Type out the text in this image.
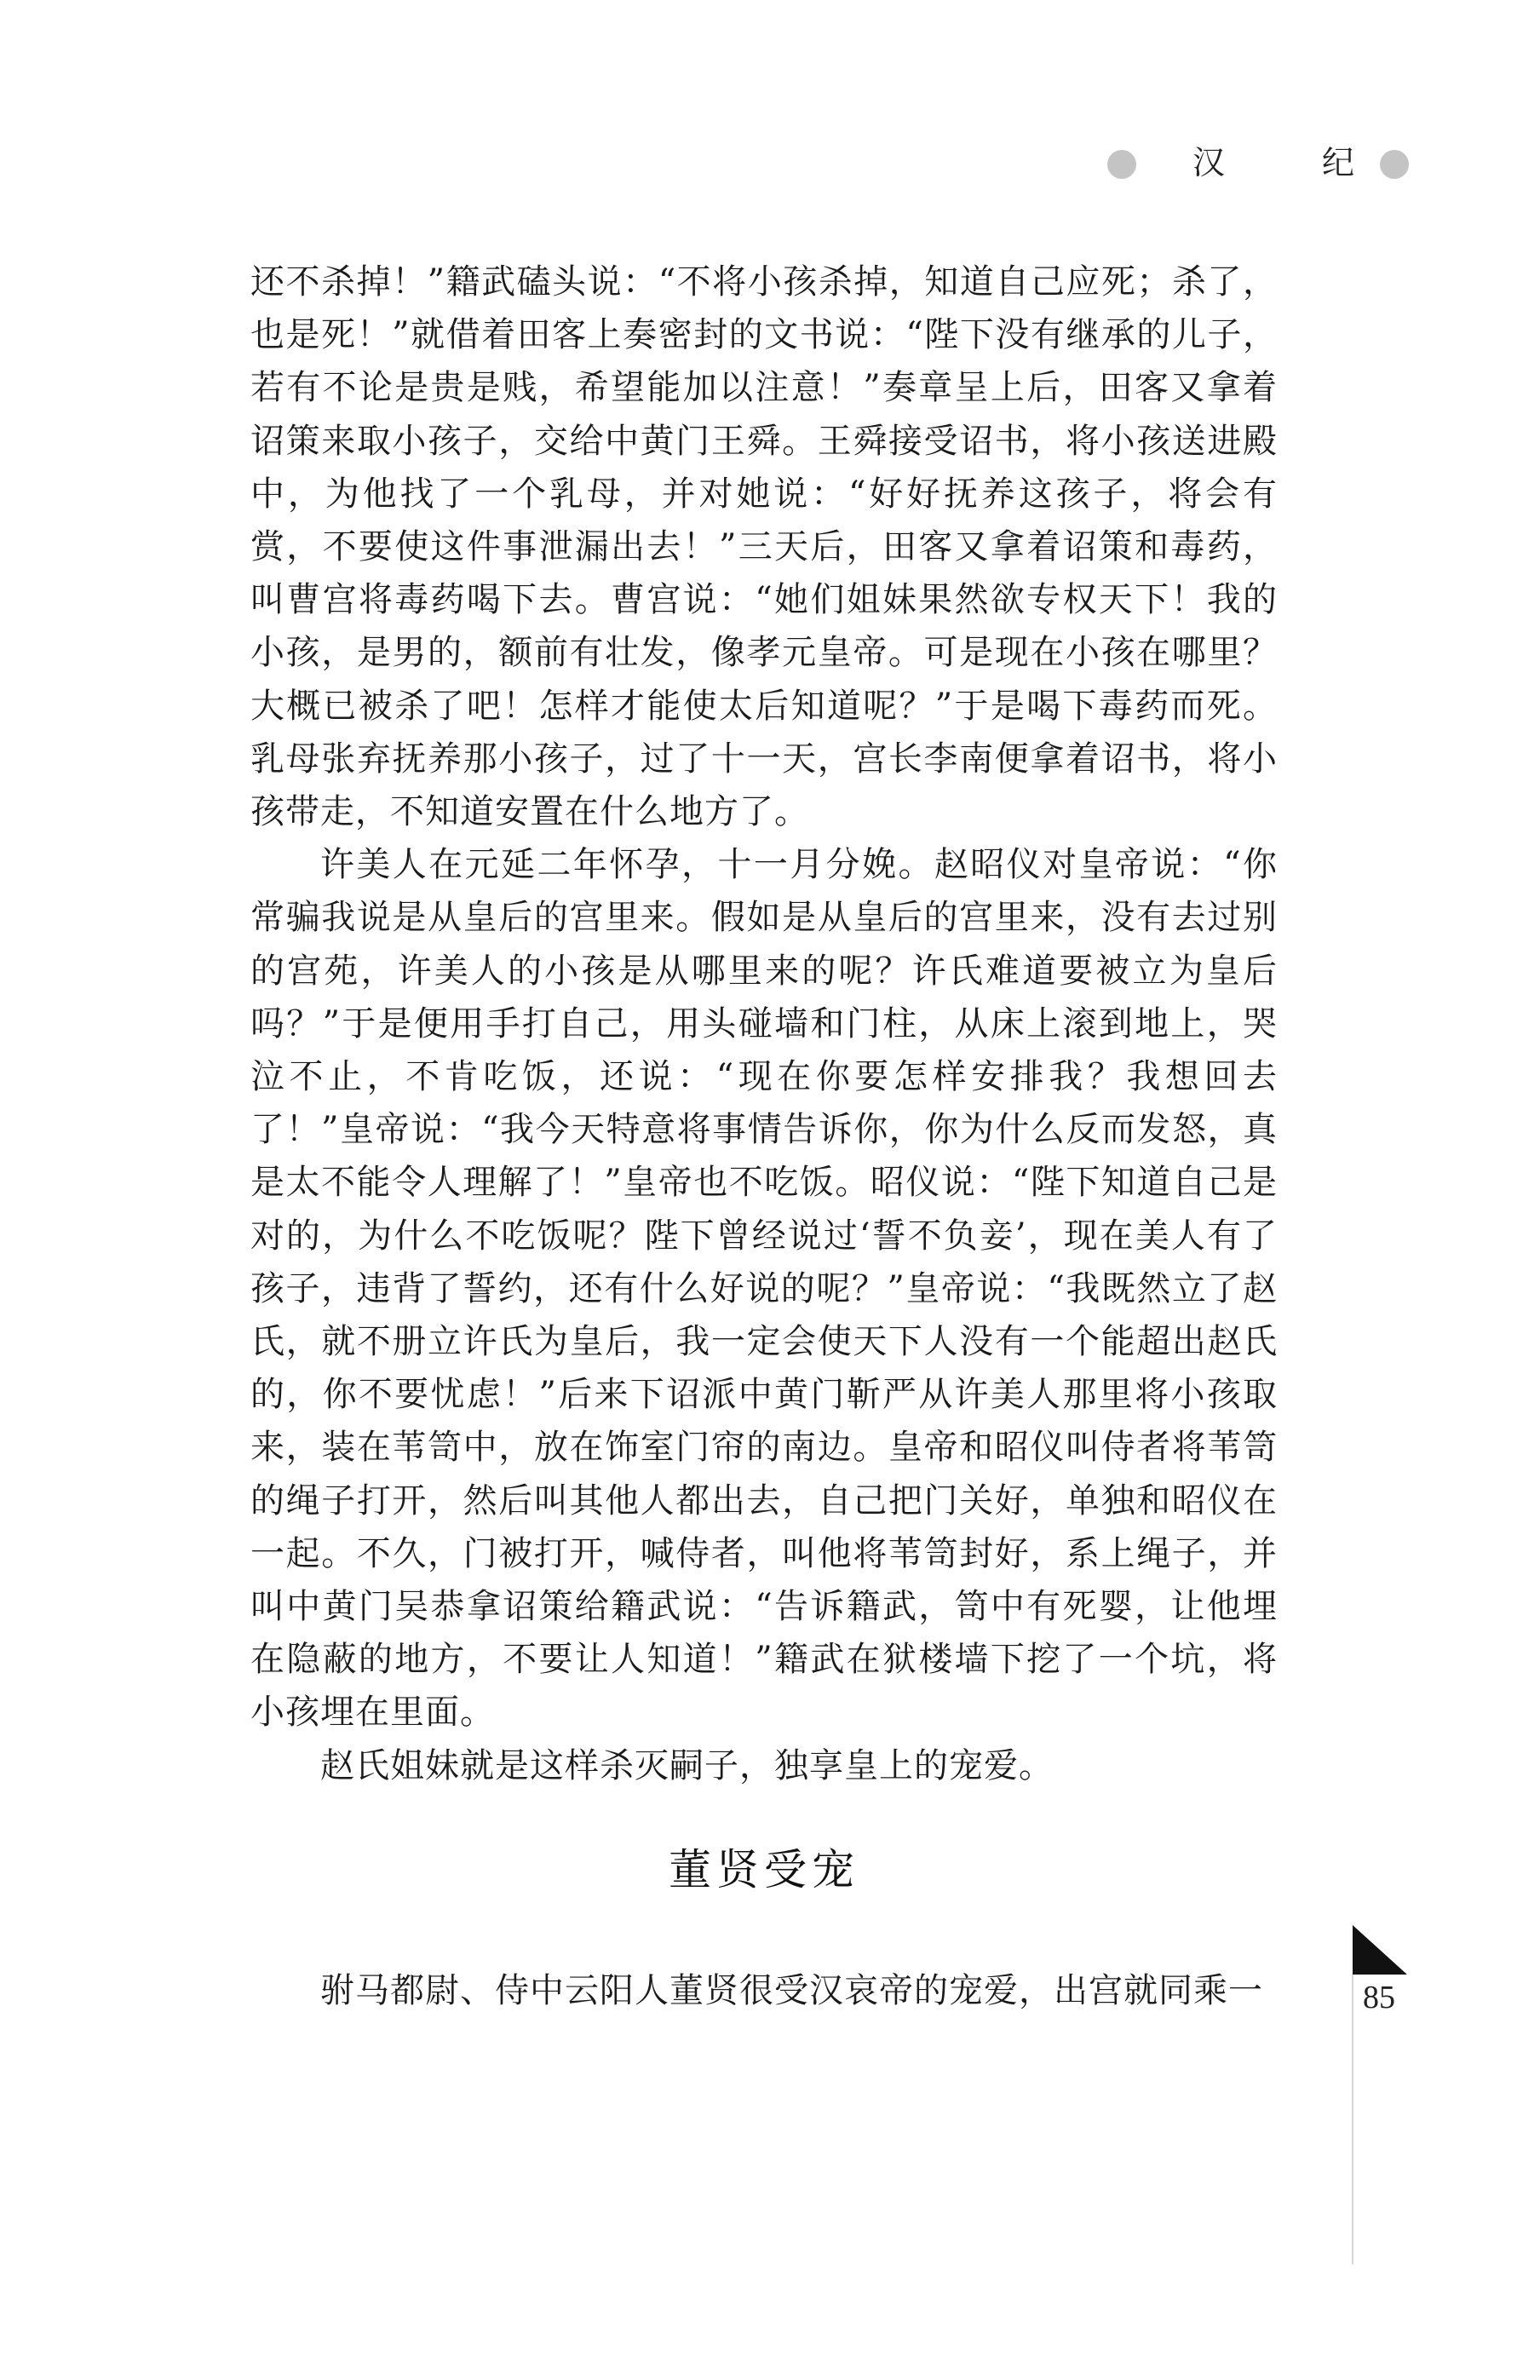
汉	纪

还不杀掉！”籍武磕头说：“不将小孩杀掉，知道自己应死；杀了，也是死！”就借着田客上奏密封的文书说：“陛下没有继承的儿子，若有不论是贵是贱，希望能加以注意！”奏章呈上后，田客又拿着诏策来取小孩子，交给中黄门王舜。王舜接受诏书，将小孩送进殿中，为他找了一个乳母，并对她说：“好好抚养这孩子，将会有赏，不要使这件事泄漏出去！”三天后，田客又拿着诏策和毒药，叫曹宫将毒药喝下去。曹宫说：“她们姐妹果然欲专权天下！我的小孩，是男的，额前有壮发，像孝元皇帝。可是现在小孩在哪里？大概已被杀了吧！怎样才能使太后知道呢？”于是喝下毒药而死。乳母张弃抚养那小孩子，过了十一天，宫长李南便拿着诏书，将小孩带走，不知道安置在什么地方了。

许美人在元延二年怀孕，十一月分娩。赵昭仪对皇帝说：“你常骗我说是从皇后的宫里来。假如是从皇后的宫里来，没有去过别的宫苑，许美人的小孩是从哪里来的呢？许氏难道要被立为皇后吗？”于是便用手打自己，用头碰墙和门柱，从床上滚到地上，哭泣不止，不肯吃饭，还说：“现在你要怎样安排我？我想回去了！”皇帝说：“我今天特意将事情告诉你，你为什么反而发怒，真是太不能令人理解了！”皇帝也不吃饭。昭仪说：“陛下知道自己是对的，为什么不吃饭呢？陛下曾经说过‘誓不负妾’，现在美人有了孩子，违背了誓约，还有什么好说的呢？”皇帝说：“我既然立了赵氏，就不册立许氏为皇后，我一定会使天下人没有一个能超出赵氏的，你不要忧虑！”后来下诏派中黄门靳严从许美人那里将小孩取来，装在苇笥中，放在饰室门帘的南边。皇帝和昭仪叫侍者将苇笥的绳子打开，然后叫其他人都出去，自己把门关好，单独和昭仪在一起。不久，门被打开，喊侍者，叫他将苇笥封好，系上绳子，并叫中黄门吴恭拿诏策给籍武说：“告诉籍武，笥中有死婴，让他埋在隐蔽的地方，不要让人知道！”籍武在狱楼墙下挖了一个坑，将小孩埋在里面。

赵氏姐妹就是这样杀灭嗣子，独享皇上的宠爱。

董贤受宠

驸马都尉、侍中云阳人董贤很受汉哀帝的宠爱，出宫就同乘一	85
